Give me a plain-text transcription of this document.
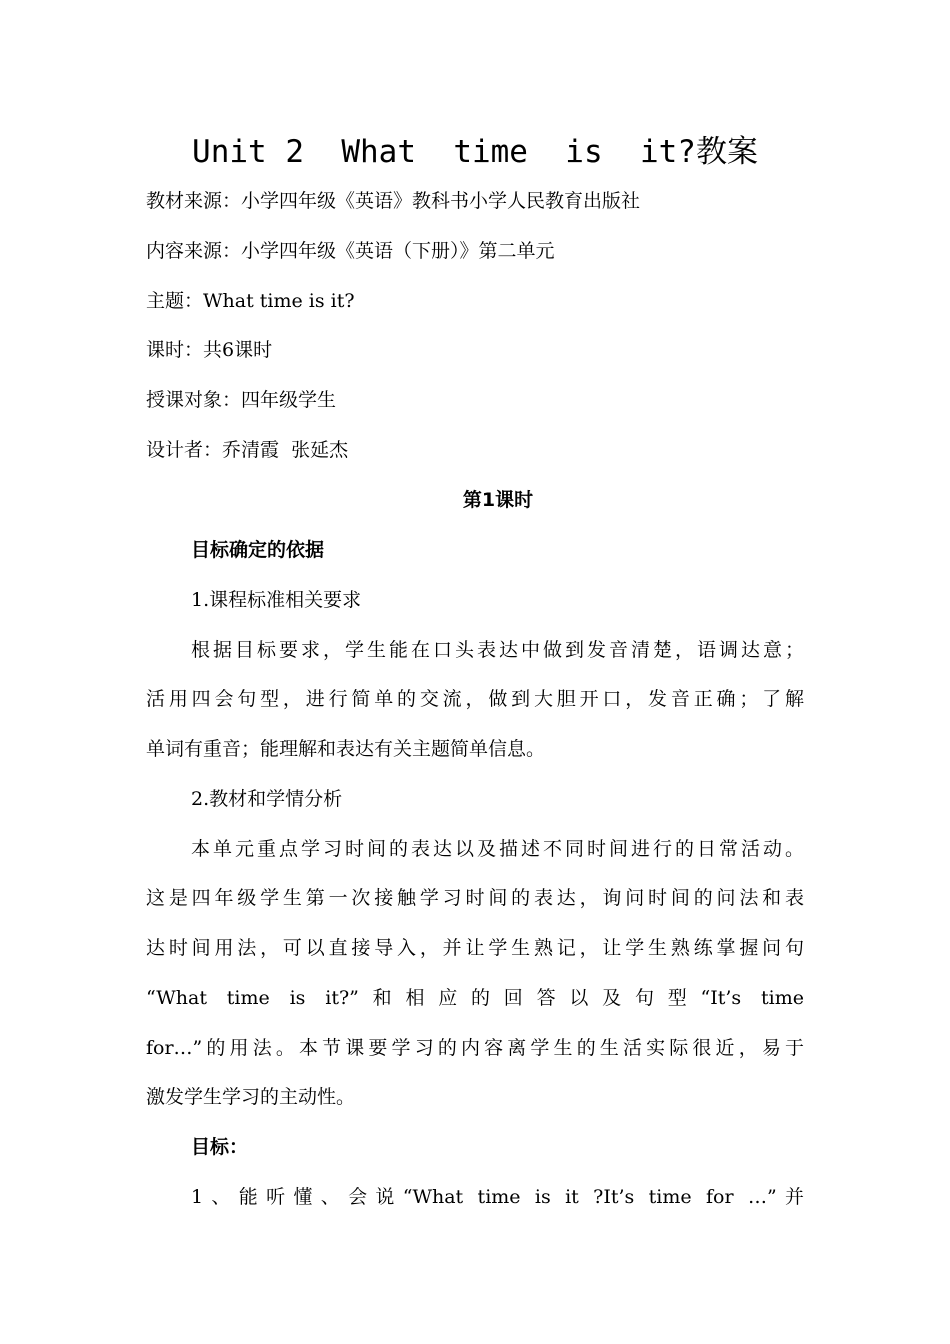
Unit 2  What  time  is  it?教案
教材来源：小学四年级《英语》教科书小学人民教育出版社
内容来源：小学四年级《英语（下册）》第二单元
主题：What time is it?
课时：共6课时
授课对象：四年级学生
设计者：乔清霞  张延杰
第1课时
目标确定的依据
1.课程标准相关要求
根据目标要求，学生能在口头表达中做到发音清楚，语调达意；
活用四会句型，进行简单的交流，做到大胆开口，发音正确；了解
单词有重音；能理解和表达有关主题简单信息。
2.教材和学情分析
本单元重点学习时间的表达以及描述不同时间进行的日常活动。
这是四年级学生第一次接触学习时间的表达，询问时间的问法和表
达时间用法，可以直接导入，并让学生熟记，让学生熟练掌握问句
“What time is it?”和相应的回答以及句型“It’s time
for…”的用法。本节课要学习的内容离学生的生活实际很近，易于
激发学生学习的主动性。
目标：
1、能听懂、会说“What time is it ?It’s time for …”并
